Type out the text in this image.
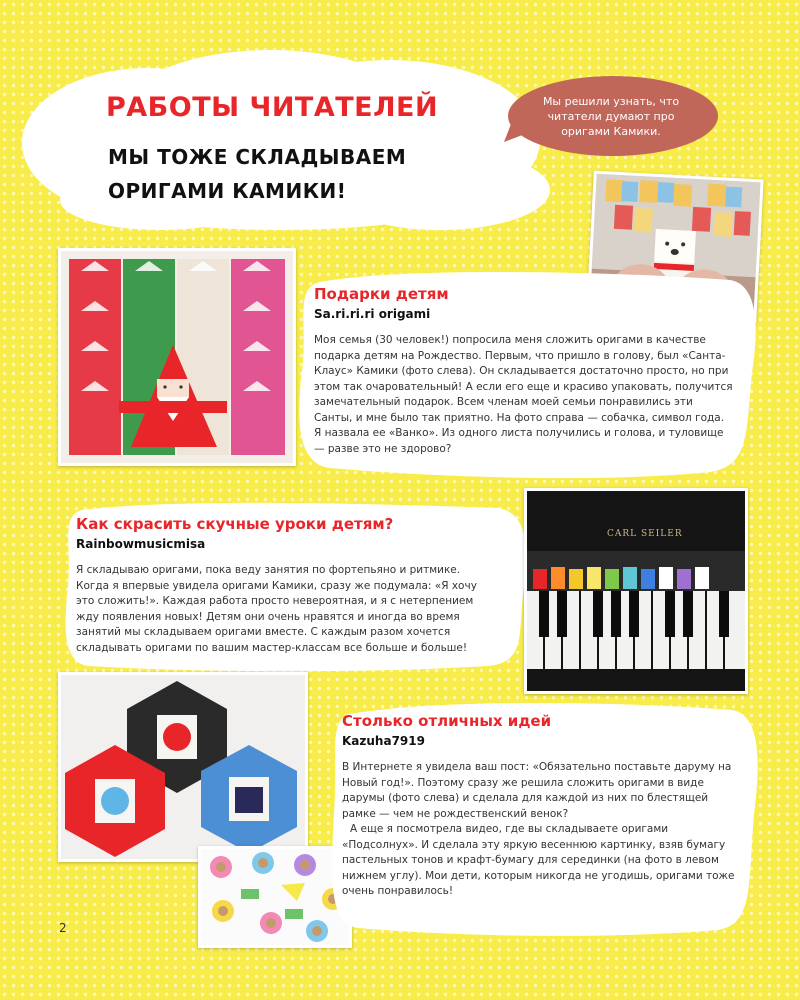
РАБОТЫ ЧИТАТЕЛЕЙ
МЫ ТОЖЕ СКЛАДЫВАЕМ
ОРИГАМИ КАМИКИ!
Мы решили узнать, что читатели думают про оригами Камики.
Подарки детям
Sa.ri.ri.ri origami
Моя семья (30 человек!) попросила меня сложить оригами в качестве подарка детям на Рождество. Первым, что пришло в голову, был «Санта-Клаус» Камики (фото слева). Он складывается достаточно просто, но при этом так очаровательный! А если его еще и красиво упаковать, получится замечательный подарок. Всем членам моей семьи понравились эти Санты, и мне было так приятно. На фото справа — собачка, символ года. Я назвала ее «Ванко». Из одного листа получились и голова, и туловище — разве это не здорово?
Как скрасить скучные уроки детям?
Rainbowmusicmisa
Я складываю оригами, пока веду занятия по фортепьяно и ритмике. Когда я впервые увидела оригами Камики, сразу же подумала: «Я хочу это сложить!». Каждая работа просто невероятная, и я с нетерпением жду появления новых! Детям они очень нравятся и иногда во время занятий мы складываем оригами вместе. С каждым разом хочется складывать оригами по вашим мастер-классам все больше и больше!
CARL SEILER
Столько отличных идей
Kazuha7919

В Интернете я увидела ваш пост: «Обязательно поставьте даруму на Новый год!». Поэтому сразу же решила сложить оригами в виде дарумы (фото слева) и сделала для каждой из них по блестящей рамке — чем не рождественский венок?

А еще я посмотрела видео, где вы складываете оригами «Подсолнух». И сделала эту яркую весеннюю картинку, взяв бумагу пастельных тонов и крафт-бумагу для серединки (на фото в левом нижнем углу). Мои дети, которым никогда не угодишь, оригами тоже очень понравилось!

2
